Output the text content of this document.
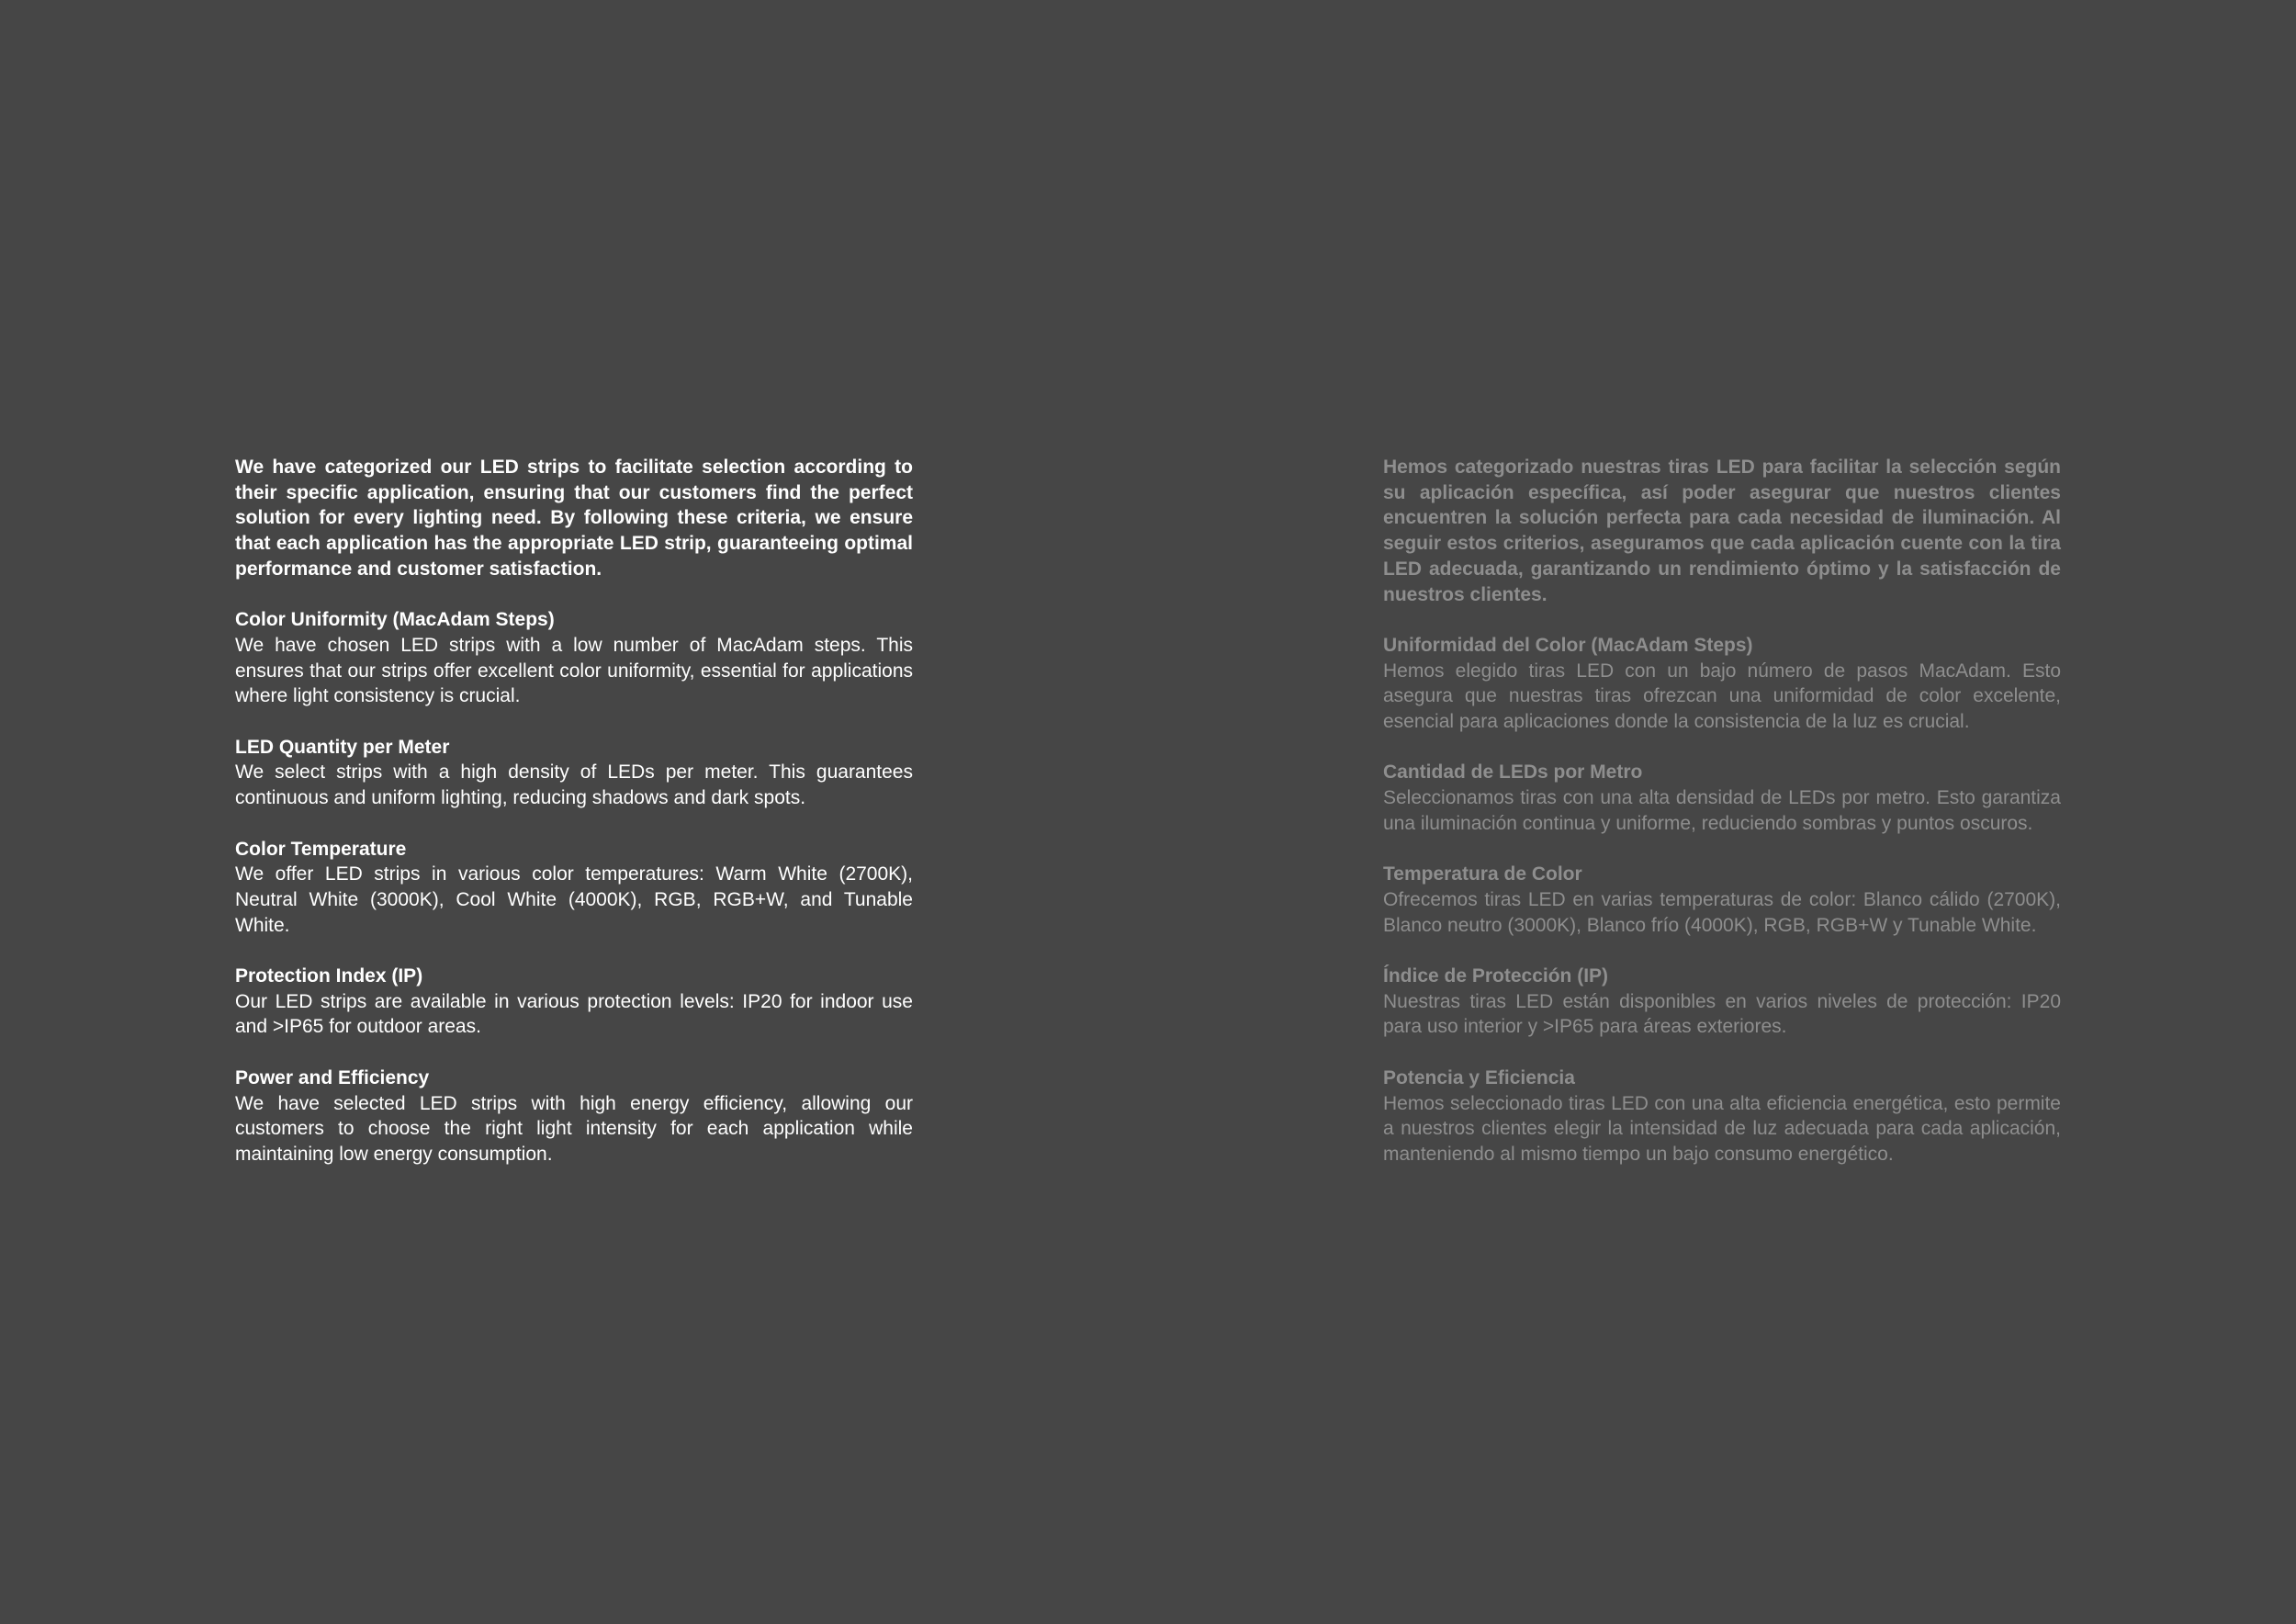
We have categorized our LED strips to facilitate selection according to their specific application, ensuring that our customers find the perfect solution for every lighting need. By following these criteria, we ensure that each application has the appropriate LED strip, guaranteeing optimal performance and customer satisfaction.

Color Uniformity (MacAdam Steps)

We have chosen LED strips with a low number of MacAdam steps. This ensures that our strips offer excellent color uniformity, essential for applications where light consistency is crucial.

LED Quantity per Meter

We select strips with a high density of LEDs per meter. This guarantees continuous and uniform lighting, reducing shadows and dark spots.

Color Temperature

We offer LED strips in various color temperatures: Warm White (2700K), Neutral White (3000K), Cool White (4000K), RGB, RGB+W, and Tunable White.

Protection Index (IP)

Our LED strips are available in various protection levels: IP20 for indoor use and >IP65 for outdoor areas.

Power and Efficiency

We have selected LED strips with high energy efficiency, allowing our customers to choose the right light intensity for each application while maintaining low energy consumption.

Hemos categorizado nuestras tiras LED para facilitar la selección según su aplicación específica, así poder asegurar que nuestros clientes encuentren la solución perfecta para cada necesidad de iluminación. Al seguir estos criterios, aseguramos que cada aplicación cuente con la tira LED adecuada, garantizando un rendimiento óptimo y la satisfacción de nuestros clientes.

Uniformidad del Color (MacAdam Steps)

Hemos elegido tiras LED con un bajo número de pasos MacAdam. Esto asegura que nuestras tiras ofrezcan una uniformidad de color excelente, esencial para aplicaciones donde la consistencia de la luz es crucial.

Cantidad de LEDs por Metro

Seleccionamos tiras con una alta densidad de LEDs por metro. Esto garantiza una iluminación continua y uniforme, reduciendo sombras y puntos oscuros.

Temperatura de Color

Ofrecemos tiras LED en varias temperaturas de color: Blanco cálido (2700K), Blanco neutro (3000K), Blanco frío (4000K), RGB, RGB+W y Tunable White.

Índice de Protección (IP)

Nuestras tiras LED están disponibles en varios niveles de protección: IP20 para uso interior y >IP65 para áreas exteriores.

Potencia y Eficiencia

Hemos seleccionado tiras LED con una alta eficiencia energética, esto permite a nuestros clientes elegir la intensidad de luz adecuada para cada aplicación, manteniendo al mismo tiempo un bajo consumo energético.
